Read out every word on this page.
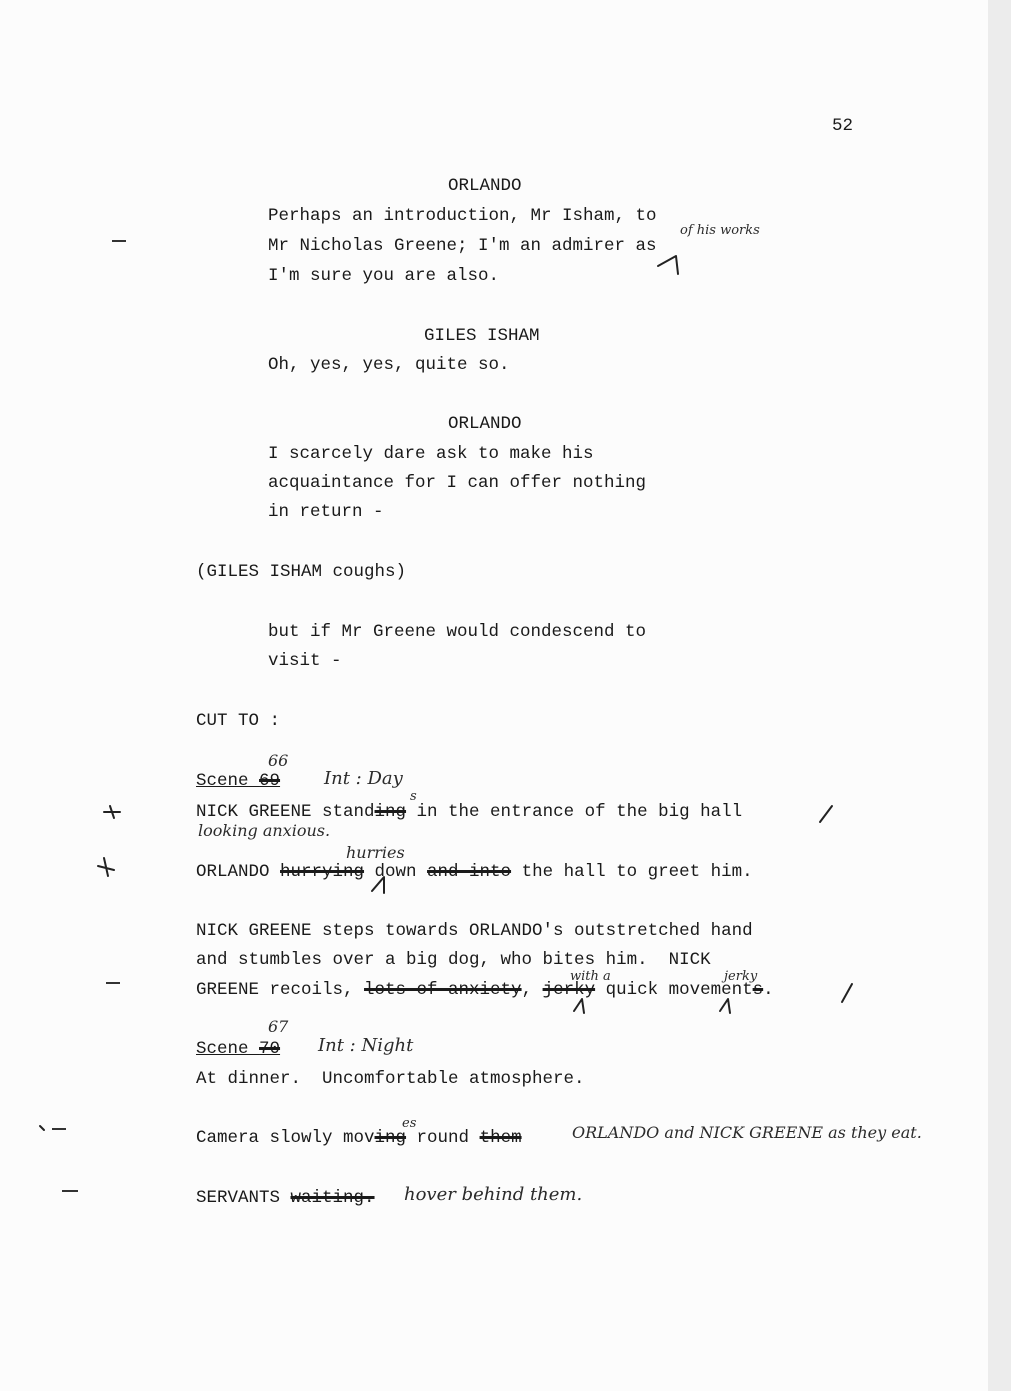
52
ORLANDO
Perhaps an introduction, Mr Isham, to
Mr Nicholas Greene; I'm an admirer as
I'm sure you are also.
of his works
GILES ISHAM
Oh, yes, yes, quite so.
ORLANDO
I scarcely dare ask to make his
acquaintance for I can offer nothing
in return -
(GILES ISHAM coughs)
but if Mr Greene would condescend to
visit -
CUT TO :
66
Scene 69 Int : Day
s
NICK GREENE standing in the entrance of the big hall
looking anxious.
hurries
ORLANDO hurrying down and into the hall to greet him.
NICK GREENE steps towards ORLANDO's outstretched hand
and stumbles over a big dog, who bites him.  NICK
with a	jerky
GREENE recoils, lots of anxiety, jerky quick movements.
67
Scene 70 Int : Night
At dinner.  Uncomfortable atmosphere.
es
Camera slowly moving round them	ORLANDO and NICK GREENE as they eat.
SERVANTS waiting. hover behind them.
